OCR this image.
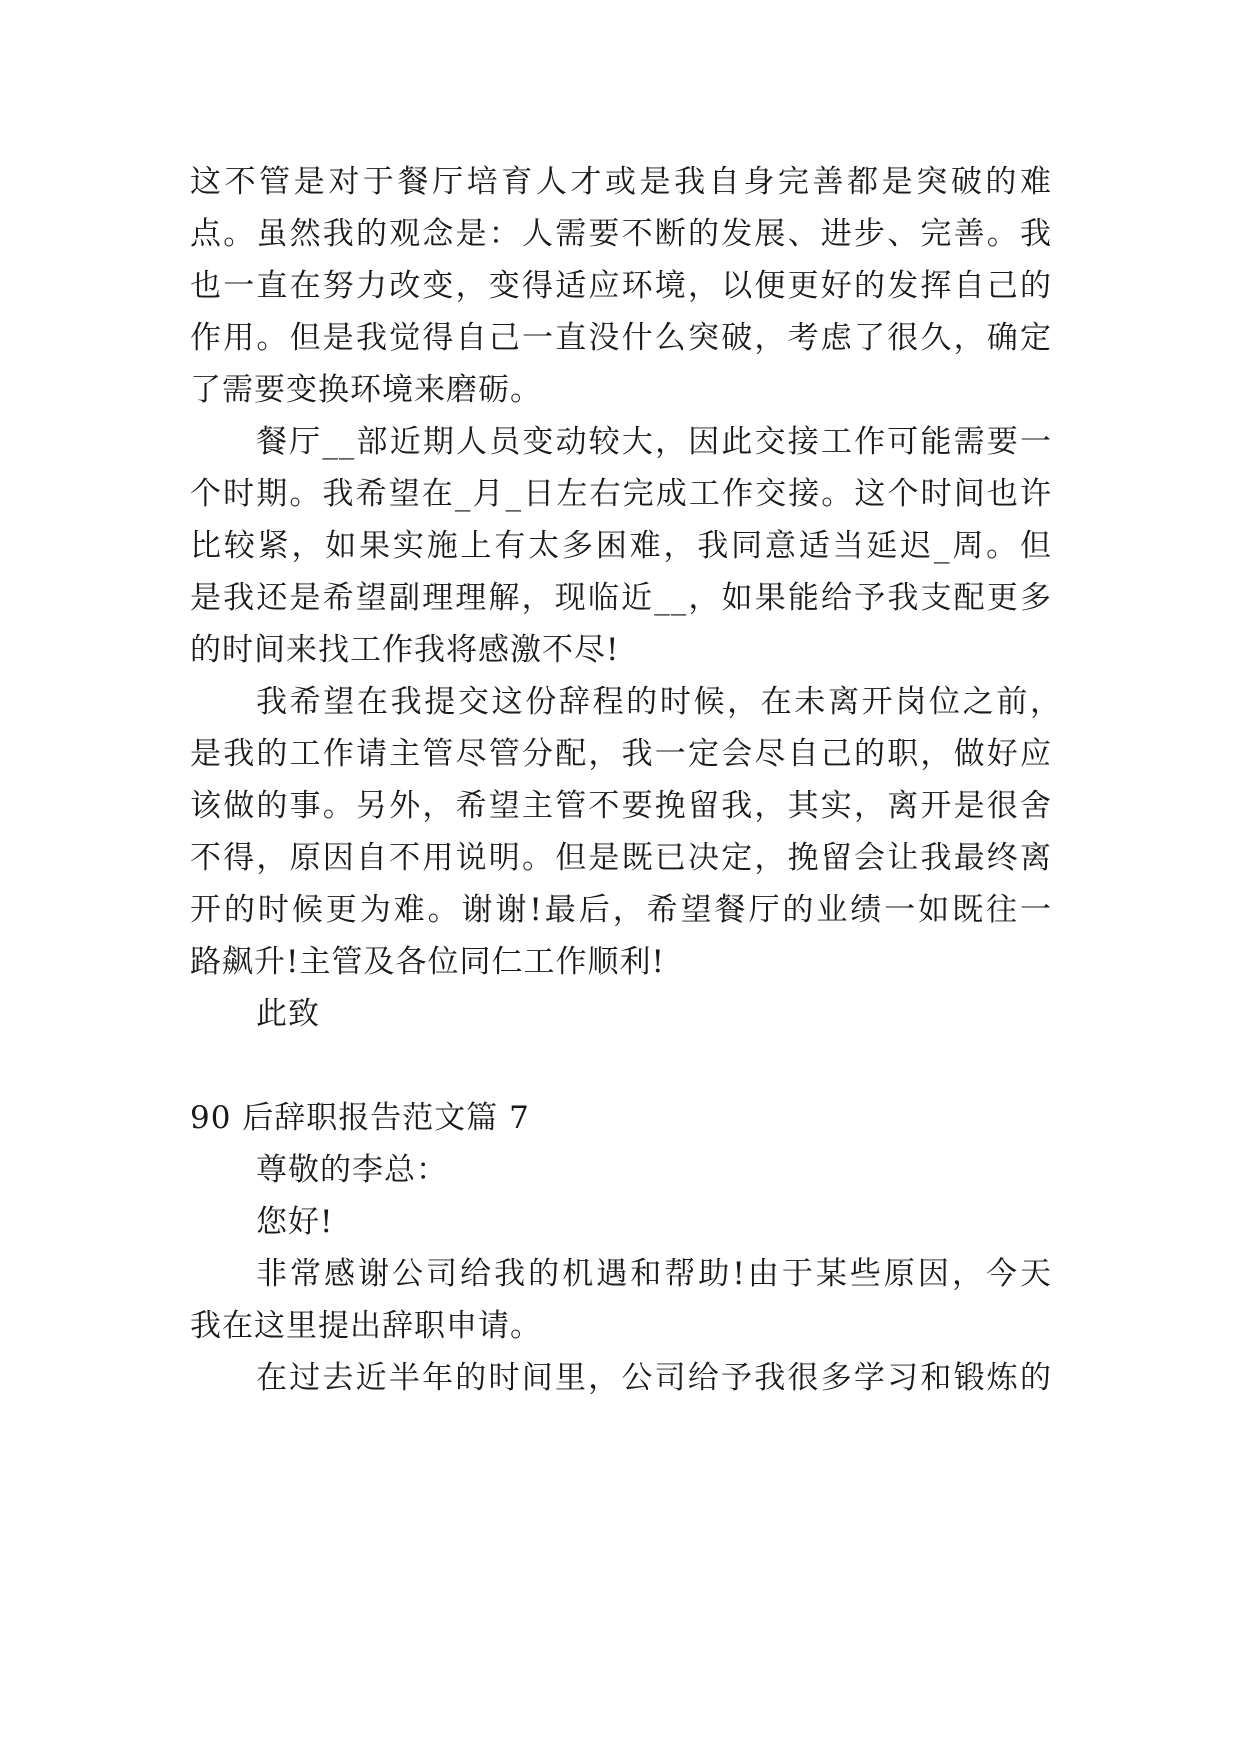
这不管是对于餐厅培育人才或是我自身完善都是突破的难
点。虽然我的观念是：人需要不断的发展、进步、完善。我
也一直在努力改变，变得适应环境，以便更好的发挥自己的
作用。但是我觉得自己一直没什么突破，考虑了很久，确定
了需要变换环境来磨砺。
餐厅__部近期人员变动较大，因此交接工作可能需要一
个时期。我希望在_月_日左右完成工作交接。这个时间也许
比较紧，如果实施上有太多困难，我同意适当延迟_周。但
是我还是希望副理理解，现临近__，如果能给予我支配更多
的时间来找工作我将感激不尽!
我希望在我提交这份辞程的时候，在未离开岗位之前，
是我的工作请主管尽管分配，我一定会尽自己的职，做好应
该做的事。另外，希望主管不要挽留我，其实，离开是很舍
不得，原因自不用说明。但是既已决定，挽留会让我最终离
开的时候更为难。谢谢!最后，希望餐厅的业绩一如既往一
路飙升!主管及各位同仁工作顺利!
此致
90 后辞职报告范文篇 7
尊敬的李总：
您好!
非常感谢公司给我的机遇和帮助!由于某些原因，今天
我在这里提出辞职申请。
在过去近半年的时间里，公司给予我很多学习和锻炼的
